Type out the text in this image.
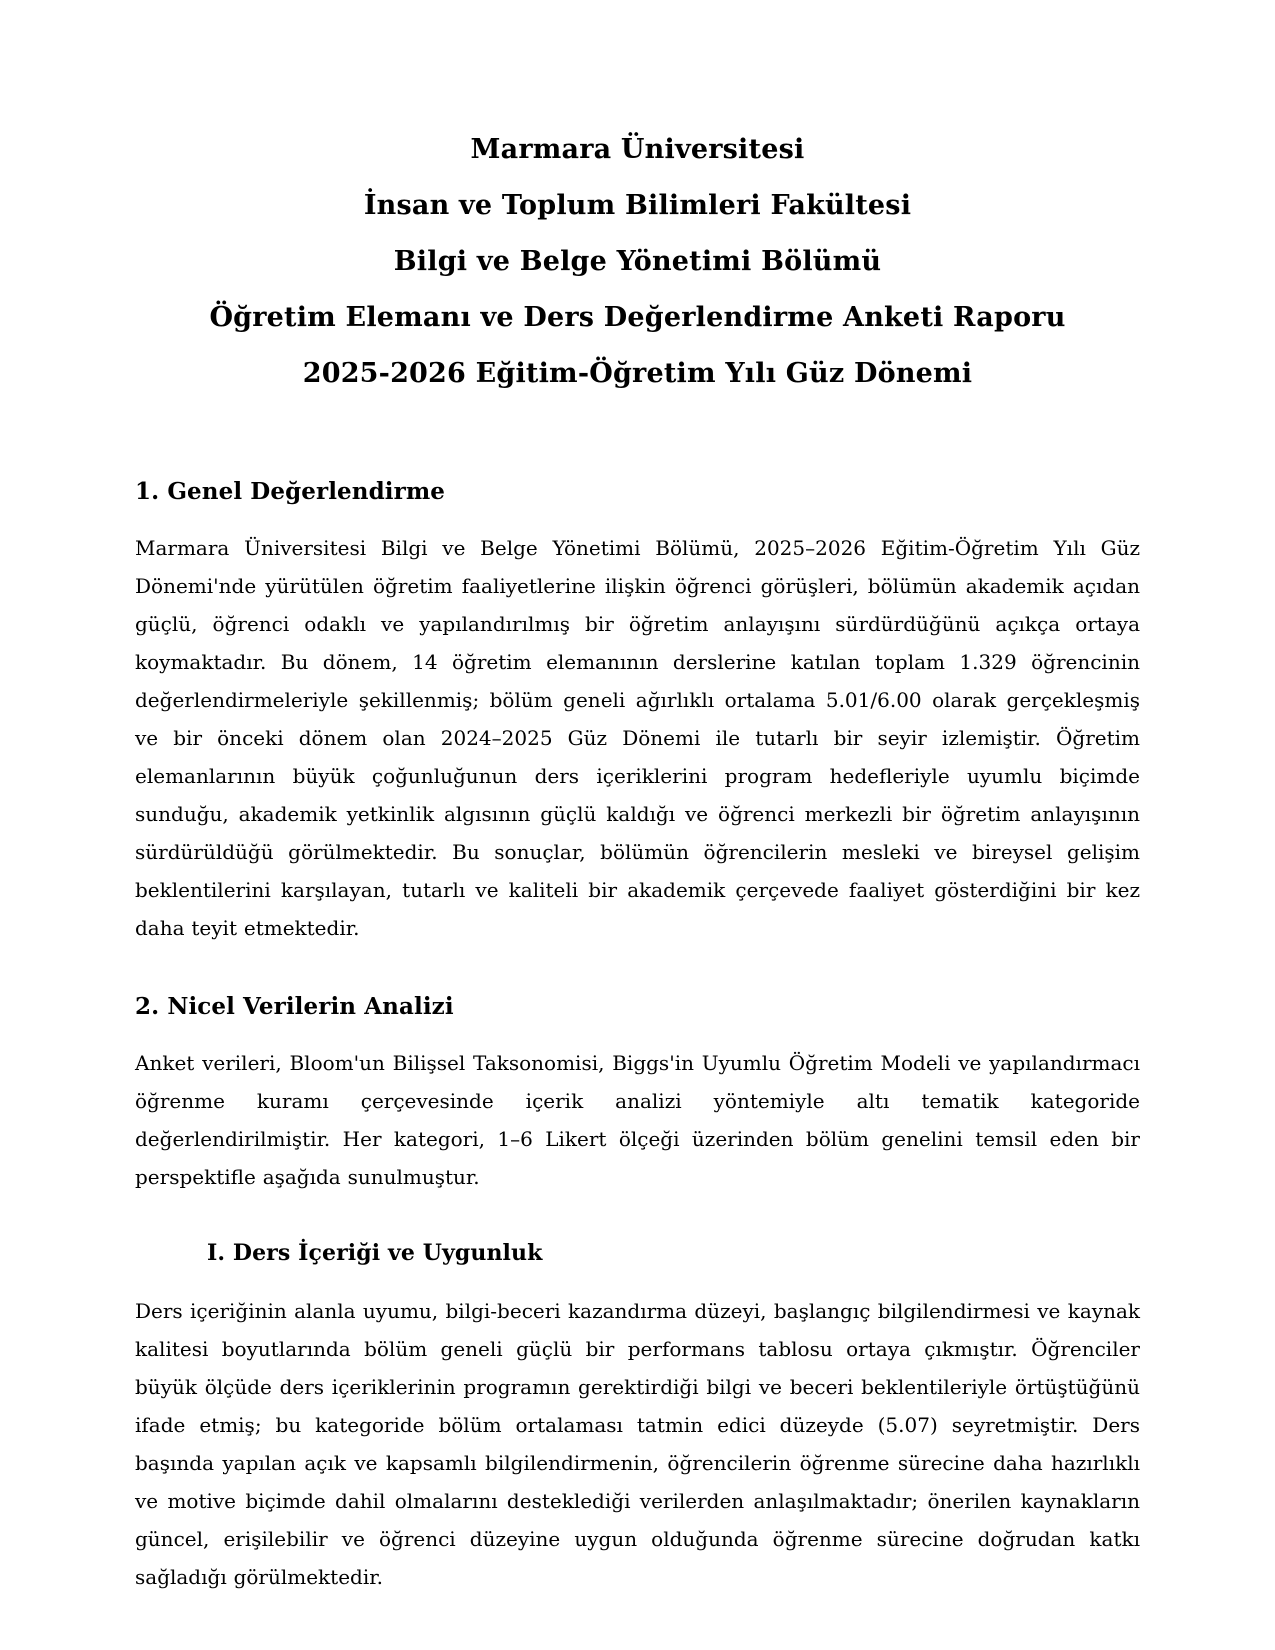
Marmara Üniversitesi
İnsan ve Toplum Bilimleri Fakültesi
Bilgi ve Belge Yönetimi Bölümü
Öğretim Elemanı ve Ders Değerlendirme Anketi Raporu
2025-2026 Eğitim-Öğretim Yılı Güz Dönemi
1. Genel Değerlendirme

Marmara Üniversitesi Bilgi ve Belge Yönetimi Bölümü, 2025–2026 Eğitim-Öğretim Yılı Güz Dönemi'nde yürütülen öğretim faaliyetlerine ilişkin öğrenci görüşleri, bölümün akademik açıdan güçlü, öğrenci odaklı ve yapılandırılmış bir öğretim anlayışını sürdürdüğünü açıkça ortaya koymaktadır. Bu dönem, 14 öğretim elemanının derslerine katılan toplam 1.329 öğrencinin değerlendirmeleriyle şekillenmiş; bölüm geneli ağırlıklı ortalama 5.01/6.00 olarak gerçekleşmiş ve bir önceki dönem olan 2024–2025 Güz Dönemi ile tutarlı bir seyir izlemiştir. Öğretim elemanlarının büyük çoğunluğunun ders içeriklerini program hedefleriyle uyumlu biçimde sunduğu, akademik yetkinlik algısının güçlü kaldığı ve öğrenci merkezli bir öğretim anlayışının sürdürüldüğü görülmektedir. Bu sonuçlar, bölümün öğrencilerin mesleki ve bireysel gelişim beklentilerini karşılayan, tutarlı ve kaliteli bir akademik çerçevede faaliyet gösterdiğini bir kez daha teyit etmektedir.

2. Nicel Verilerin Analizi

Anket verileri, Bloom'un Bilişsel Taksonomisi, Biggs'in Uyumlu Öğretim Modeli ve yapılandırmacı öğrenme kuramı çerçevesinde içerik analizi yöntemiyle altı tematik kategoride değerlendirilmiştir. Her kategori, 1–6 Likert ölçeği üzerinden bölüm genelini temsil eden bir perspektifle aşağıda sunulmuştur.

I. Ders İçeriği ve Uygunluk

Ders içeriğinin alanla uyumu, bilgi-beceri kazandırma düzeyi, başlangıç bilgilendirmesi ve kaynak kalitesi boyutlarında bölüm geneli güçlü bir performans tablosu ortaya çıkmıştır. Öğrenciler büyük ölçüde ders içeriklerinin programın gerektirdiği bilgi ve beceri beklentileriyle örtüştüğünü ifade etmiş; bu kategoride bölüm ortalaması tatmin edici düzeyde (5.07) seyretmiştir. Ders başında yapılan açık ve kapsamlı bilgilendirmenin, öğrencilerin öğrenme sürecine daha hazırlıklı ve motive biçimde dahil olmalarını desteklediği verilerden anlaşılmaktadır; önerilen kaynakların güncel, erişilebilir ve öğrenci düzeyine uygun olduğunda öğrenme sürecine doğrudan katkı sağladığı görülmektedir.
